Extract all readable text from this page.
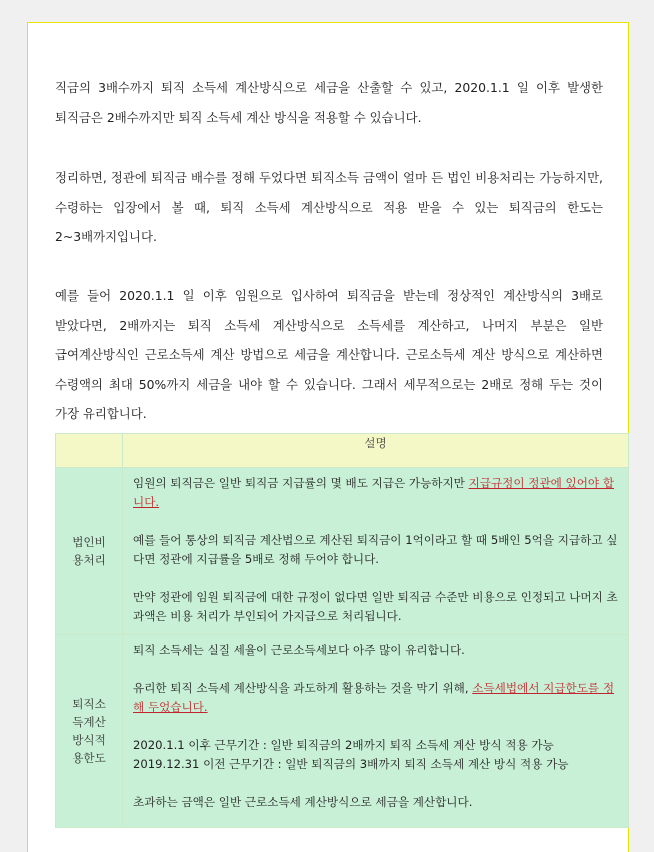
직금의 3배수까지 퇴직 소득세 계산방식으로 세금을 산출할 수 있고, 2020.1.1 일 이후 발생한 퇴직금은 2배수까지만 퇴직 소득세 계산 방식을 적용할 수 있습니다.
정리하면, 정관에 퇴직금 배수를 정해 두었다면 퇴직소득 금액이 얼마 든 법인 비용처리는 가능하지만, 수령하는 입장에서 볼 때, 퇴직 소득세 계산방식으로 적용 받을 수 있는 퇴직금의 한도는 2~3배까지입니다.
예를 들어 2020.1.1 일 이후 임원으로 입사하여 퇴직금을 받는데 정상적인 계산방식의 3배로 받았다면, 2배까지는 퇴직 소득세 계산방식으로 소득세를 계산하고, 나머지 부분은 일반 급여계산방식인 근로소득세 계산 방법으로 세금을 계산합니다. 근로소득세 계산 방식으로 계산하면 수령액의 최대 50%까지 세금을 내야 할 수 있습니다. 그래서 세무적으로는 2배로 정해 두는 것이 가장 유리합니다.
	설명
법인비용처리	임원의 퇴직금은 일반 퇴직금 지급률의 몇 배도 지급은 가능하지만 지급규정이 정관에 있어야 합니다.

예를 들어 통상의 퇴직금 계산법으로 계산된 퇴직금이 1억이라고 할 때 5배인 5억을 지급하고 싶다면 정관에 지급률을 5배로 정해 두어야 합니다.

만약 정관에 임원 퇴직금에 대한 규정이 없다면 일반 퇴직금 수준만 비용으로 인정되고 나머지 초과액은 비용 처리가 부인되어 가지급으로 처리됩니다.

퇴직소득계산방식적용한도	퇴직 소득세는 실질 세율이 근로소득세보다 아주 많이 유리합니다.

유리한 퇴직 소득세 계산방식을 과도하게 활용하는 것을 막기 위해, 소득세법에서 지급한도를 정해 두었습니다.

2020.1.1 이후 근무기간 : 일반 퇴직금의 2배까지 퇴직 소득세 계산 방식 적용 가능
2019.12.31 이전 근무기간 : 일반 퇴직금의 3배까지 퇴직 소득세 계산 방식 적용 가능

초과하는 금액은 일반 근로소득세 계산방식으로 세금을 계산합니다.
